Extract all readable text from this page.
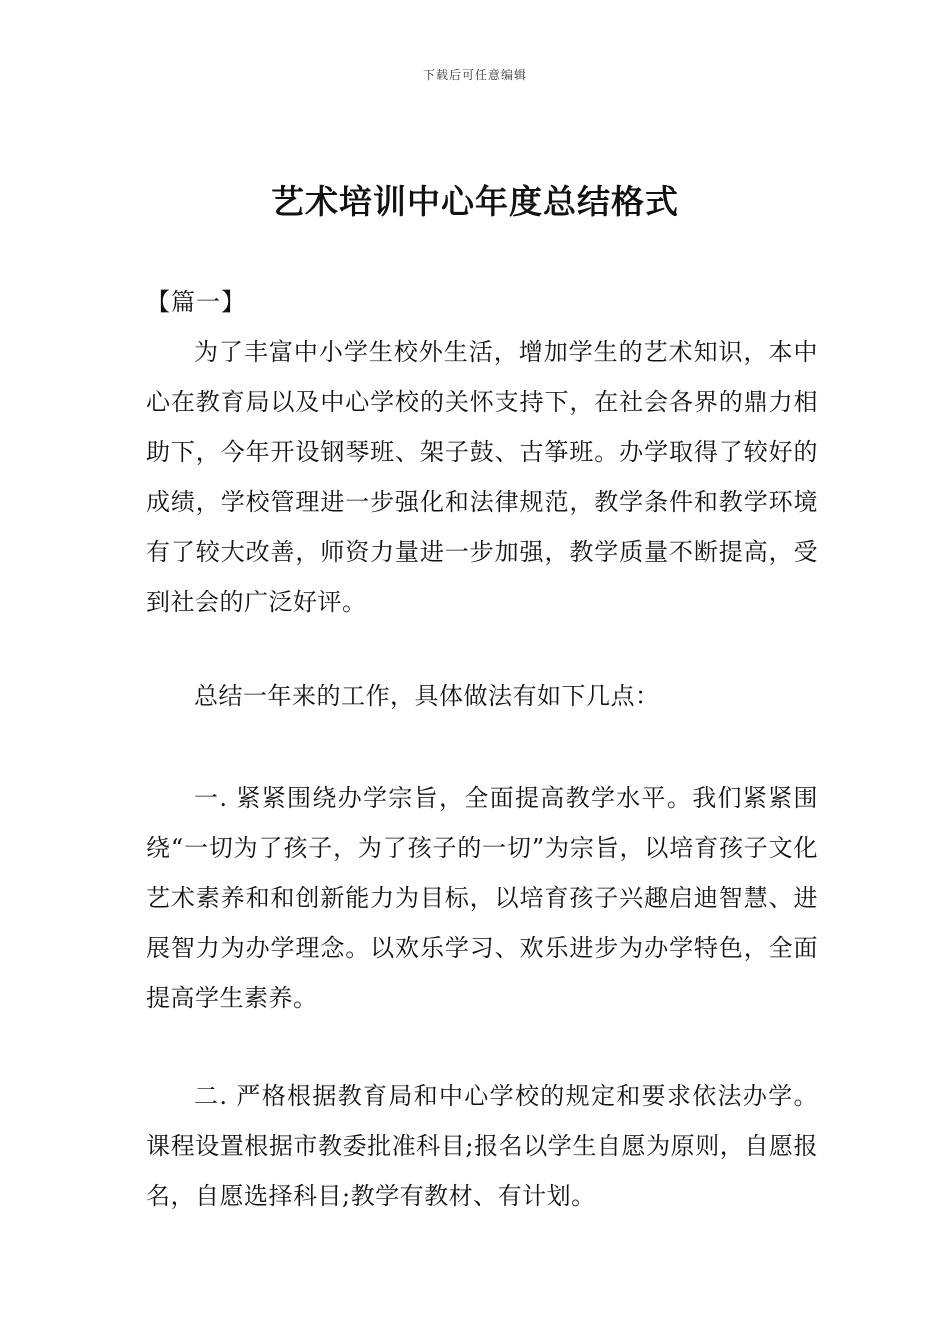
下载后可任意编辑
艺术培训中心年度总结格式
【篇一】

为了丰富中小学生校外生活，增加学生的艺术知识，本中心在教育局以及中心学校的关怀支持下，在社会各界的鼎力相助下，今年开设钢琴班、架子鼓、古筝班。办学取得了较好的成绩，学校管理进一步强化和法律规范，教学条件和教学环境有了较大改善，师资力量进一步加强，教学质量不断提高，受到社会的广泛好评。

总结一年来的工作，具体做法有如下几点：

一. 紧紧围绕办学宗旨，全面提高教学水平。我们紧紧围绕“一切为了孩子，为了孩子的一切”为宗旨，以培育孩子文化艺术素养和和创新能力为目标，以培育孩子兴趣启迪智慧、进展智力为办学理念。以欢乐学习、欢乐进步为办学特色，全面提高学生素养。

二. 严格根据教育局和中心学校的规定和要求依法办学。课程设置根据市教委批准科目;报名以学生自愿为原则，自愿报名，自愿选择科目;教学有教材、有计划。
